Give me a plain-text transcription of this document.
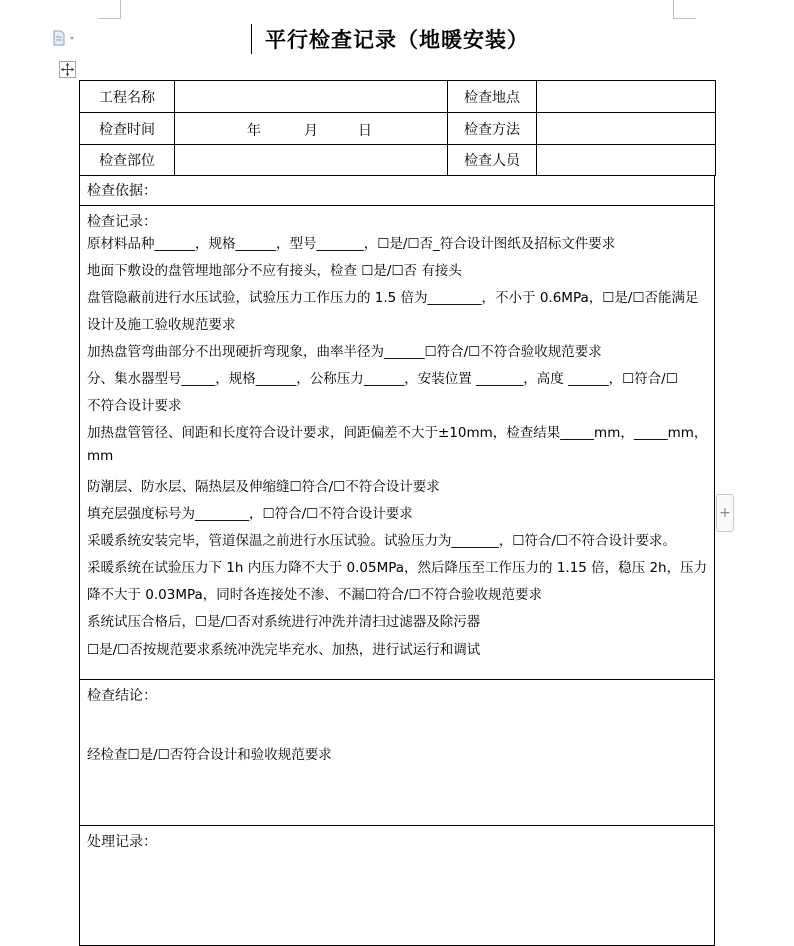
平行检查记录（地暖安装）
工程名称		检查地点	
检查时间	年 月 日	检查方法	
检查部位		检查人员	
检查依据：
检查记录：
原材料品种______，规格______，型号_______，☐是/☐否_符合设计图纸及招标文件要求
地面下敷设的盘管埋地部分不应有接头，检查 ☐是/☐否 有接头
盘管隐蔽前进行水压试验，试验压力工作压力的 1.5 倍为________，不小于 0.6MPa，☐是/☐否能满足
设计及施工验收规范要求
加热盘管弯曲部分不出现硬折弯现象，曲率半径为______☐符合/☐不符合验收规范要求
分、集水器型号_____，规格______，公称压力______，安装位置 _______，高度 ______，☐符合/☐
不符合设计要求
加热盘管管径、间距和长度符合设计要求，间距偏差不大于±10mm，检查结果_____mm，_____mm，
mm
防潮层、防水层、隔热层及伸缩缝☐符合/☐不符合设计要求
填充层强度标号为________，☐符合/☐不符合设计要求
采暖系统安装完毕，管道保温之前进行水压试验。试验压力为_______，☐符合/☐不符合设计要求。
采暖系统在试验压力下 1h 内压力降不大于 0.05MPa，然后降压至工作压力的 1.15 倍，稳压 2h，压力
降不大于 0.03MPa，同时各连接处不渗、不漏☐符合/☐不符合验收规范要求
系统试压合格后，☐是/☐否对系统进行冲洗并清扫过滤器及除污器
☐是/☐否按规范要求系统冲洗完毕充水、加热，进行试运行和调试
检查结论：
经检查☐是/☐否符合设计和验收规范要求
处理记录：
+
